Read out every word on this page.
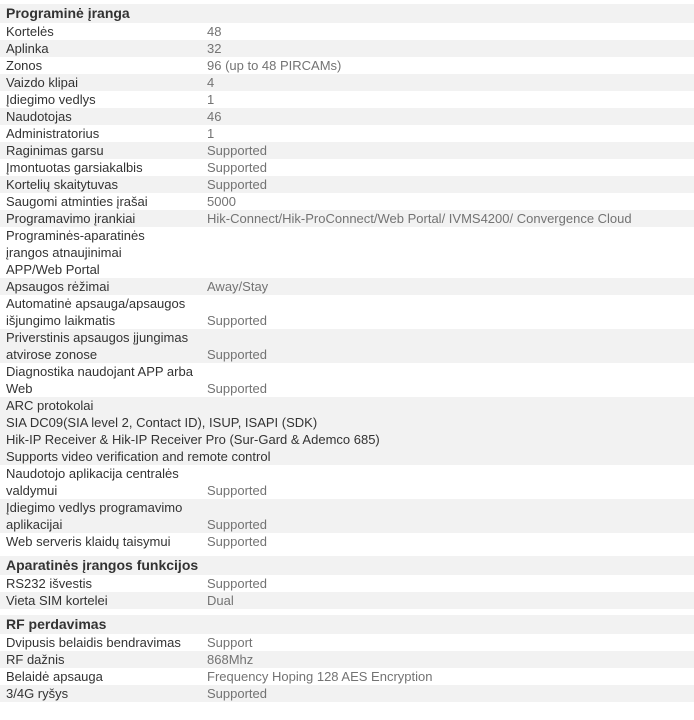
Programinė įranga
Kortelės	48
Aplinka	32
Zonos	96 (up to 48 PIRCAMs)
Vaizdo klipai	4
Įdiegimo vedlys	1
Naudotojas	46
Administratorius	1
Raginimas garsu	Supported
Įmontuotas garsiakalbis	Supported
Kortelių skaitytuvas	Supported
Saugomi atminties įrašai	5000
Programavimo įrankiai	Hik-Connect/Hik-ProConnect/Web Portal/ IVMS4200/ Convergence Cloud
Programinės-aparatinės
įrangos atnaujinimai
APP/Web Portal
Apsaugos rėžimai	Away/Stay
Automatinė apsauga/apsaugos
išjungimo laikmatis	Supported
Priverstinis apsaugos įjungimas
atvirose zonose	Supported
Diagnostika naudojant APP arba
Web	Supported
ARC protokolai
SIA DC09(SIA level 2, Contact ID), ISUP, ISAPI (SDK)
Hik-IP Receiver & Hik-IP Receiver Pro (Sur-Gard & Ademco 685)
Supports video verification and remote control
Naudotojo aplikacija centralės
valdymui	Supported
Įdiegimo vedlys programavimo
aplikacijai	Supported
Web serveris klaidų taisymui	Supported
Aparatinės įrangos funkcijos
RS232 išvestis	Supported
Vieta SIM kortelei	Dual
RF perdavimas
Dvipusis belaidis bendravimas	Support
RF dažnis	868Mhz
Belaidė apsauga	Frequency Hoping 128 AES Encryption
3/4G ryšys	Supported
